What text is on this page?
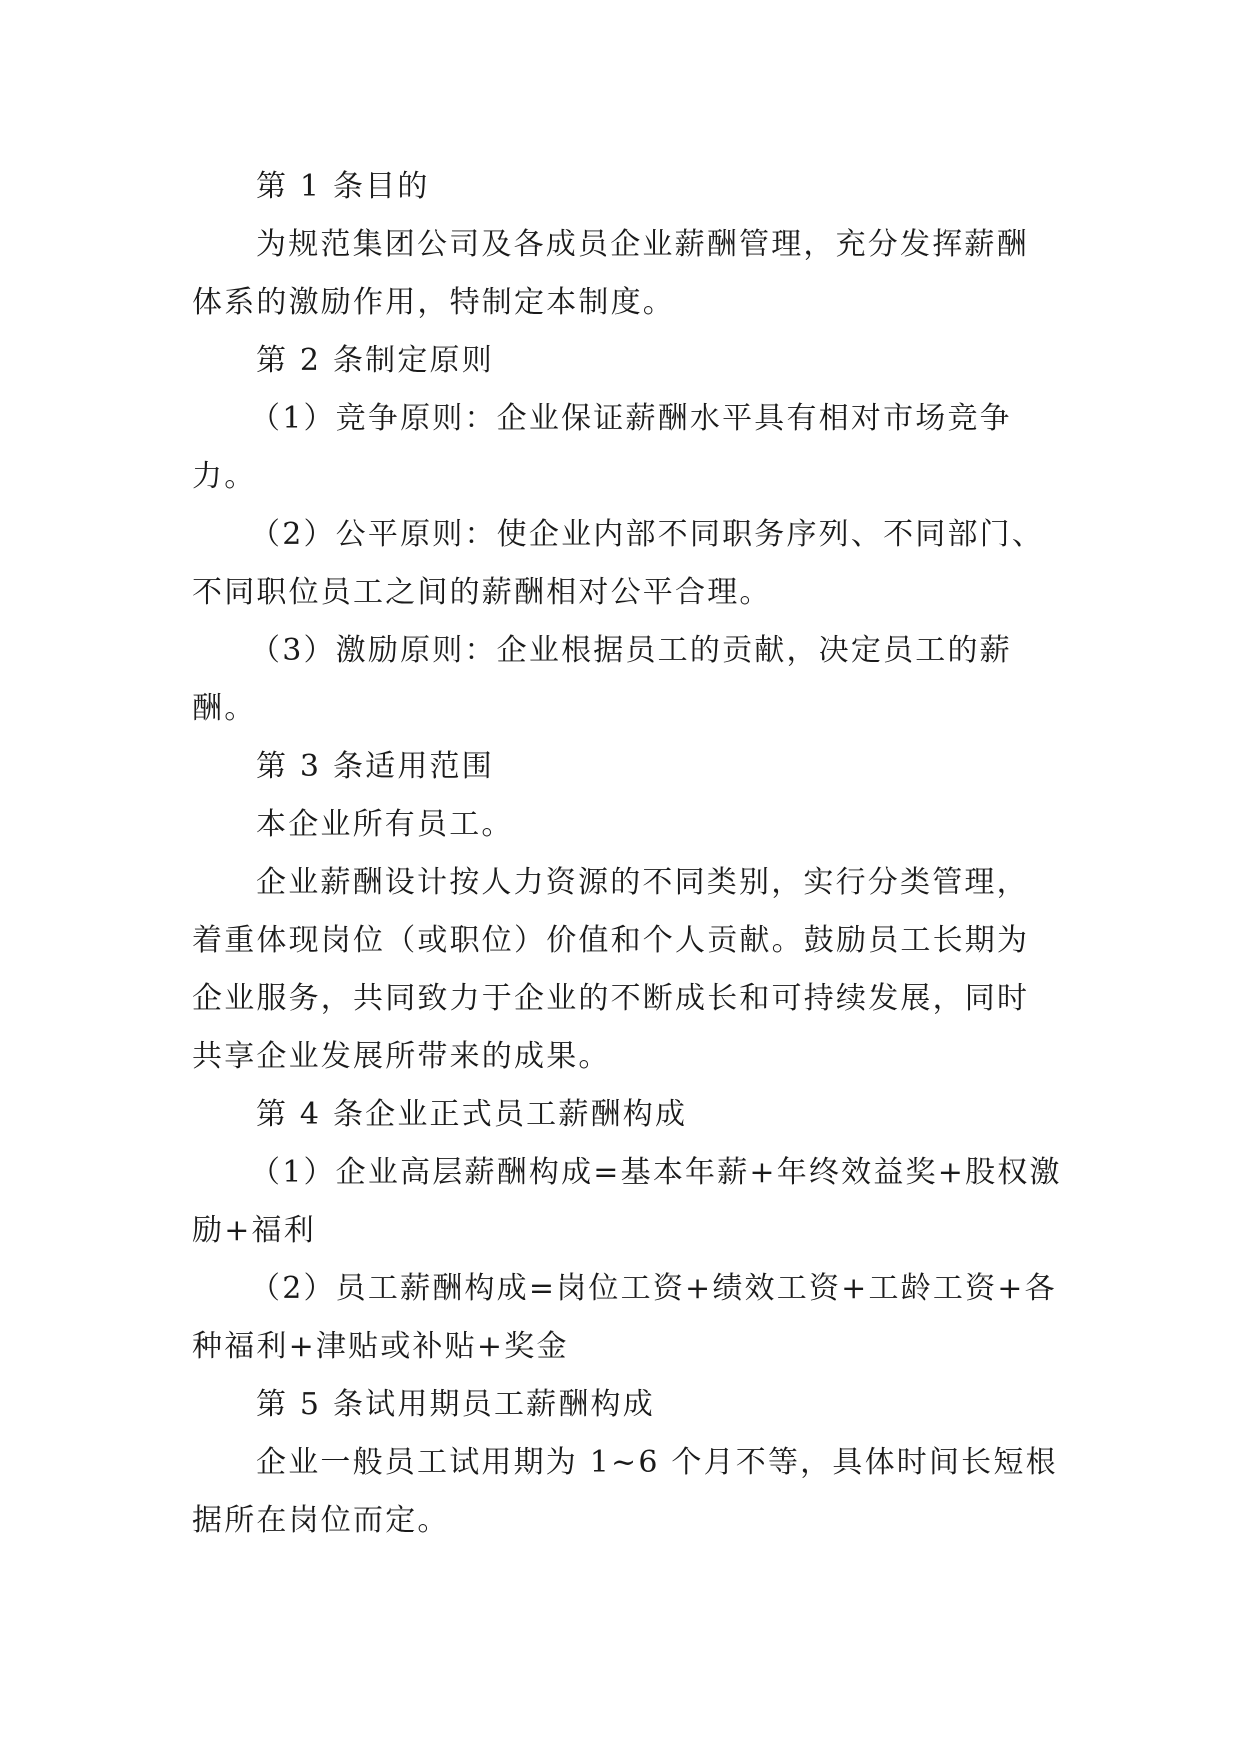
第 1 条目的
为规范集团公司及各成员企业薪酬管理，充分发挥薪酬
体系的激励作用，特制定本制度。
第 2 条制定原则
（1）竞争原则：企业保证薪酬水平具有相对市场竞争
力。
（2）公平原则：使企业内部不同职务序列、不同部门、
不同职位员工之间的薪酬相对公平合理。
（3）激励原则：企业根据员工的贡献，决定员工的薪
酬。
第 3 条适用范围
本企业所有员工。
企业薪酬设计按人力资源的不同类别，实行分类管理，
着重体现岗位（或职位）价值和个人贡献。鼓励员工长期为
企业服务，共同致力于企业的不断成长和可持续发展，同时
共享企业发展所带来的成果。
第 4 条企业正式员工薪酬构成
（1）企业高层薪酬构成=基本年薪+年终效益奖+股权激
励+福利
（2）员工薪酬构成=岗位工资+绩效工资+工龄工资+各
种福利+津贴或补贴+奖金
第 5 条试用期员工薪酬构成
企业一般员工试用期为 1~6 个月不等，具体时间长短根
据所在岗位而定。
